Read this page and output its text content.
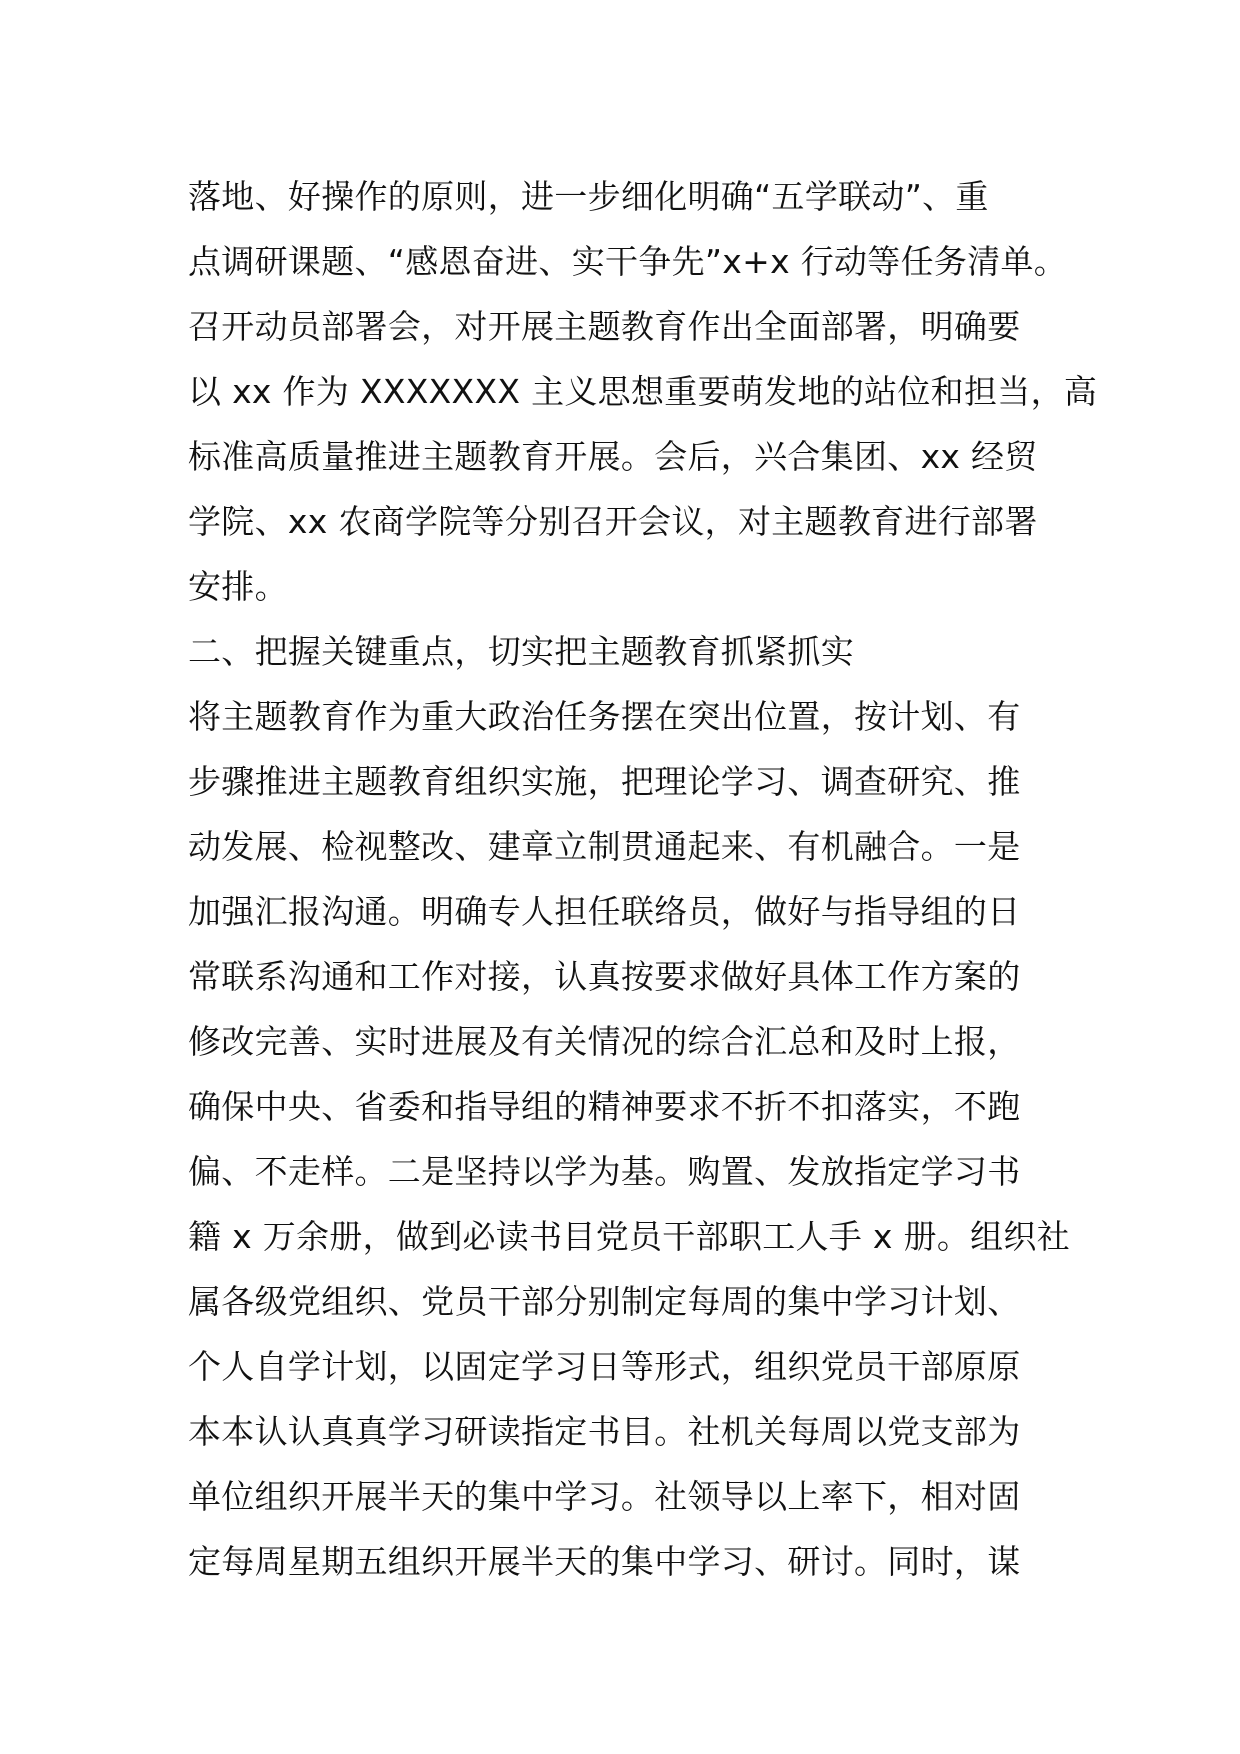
落地、好操作的原则，进一步细化明确“五学联动”、重
点调研课题、“感恩奋进、实干争先”x+x 行动等任务清单。
召开动员部署会，对开展主题教育作出全面部署，明确要
以 xx 作为 XXXXXXX 主义思想重要萌发地的站位和担当，高
标准高质量推进主题教育开展。会后，兴合集团、xx 经贸
学院、xx 农商学院等分别召开会议，对主题教育进行部署
安排。
二、把握关键重点，切实把主题教育抓紧抓实
将主题教育作为重大政治任务摆在突出位置，按计划、有
步骤推进主题教育组织实施，把理论学习、调查研究、推
动发展、检视整改、建章立制贯通起来、有机融合。一是
加强汇报沟通。明确专人担任联络员，做好与指导组的日
常联系沟通和工作对接，认真按要求做好具体工作方案的
修改完善、实时进展及有关情况的综合汇总和及时上报，
确保中央、省委和指导组的精神要求不折不扣落实，不跑
偏、不走样。二是坚持以学为基。购置、发放指定学习书
籍 x 万余册，做到必读书目党员干部职工人手 x 册。组织社
属各级党组织、党员干部分别制定每周的集中学习计划、
个人自学计划，以固定学习日等形式，组织党员干部原原
本本认认真真学习研读指定书目。社机关每周以党支部为
单位组织开展半天的集中学习。社领导以上率下，相对固
定每周星期五组织开展半天的集中学习、研讨。同时，谋
